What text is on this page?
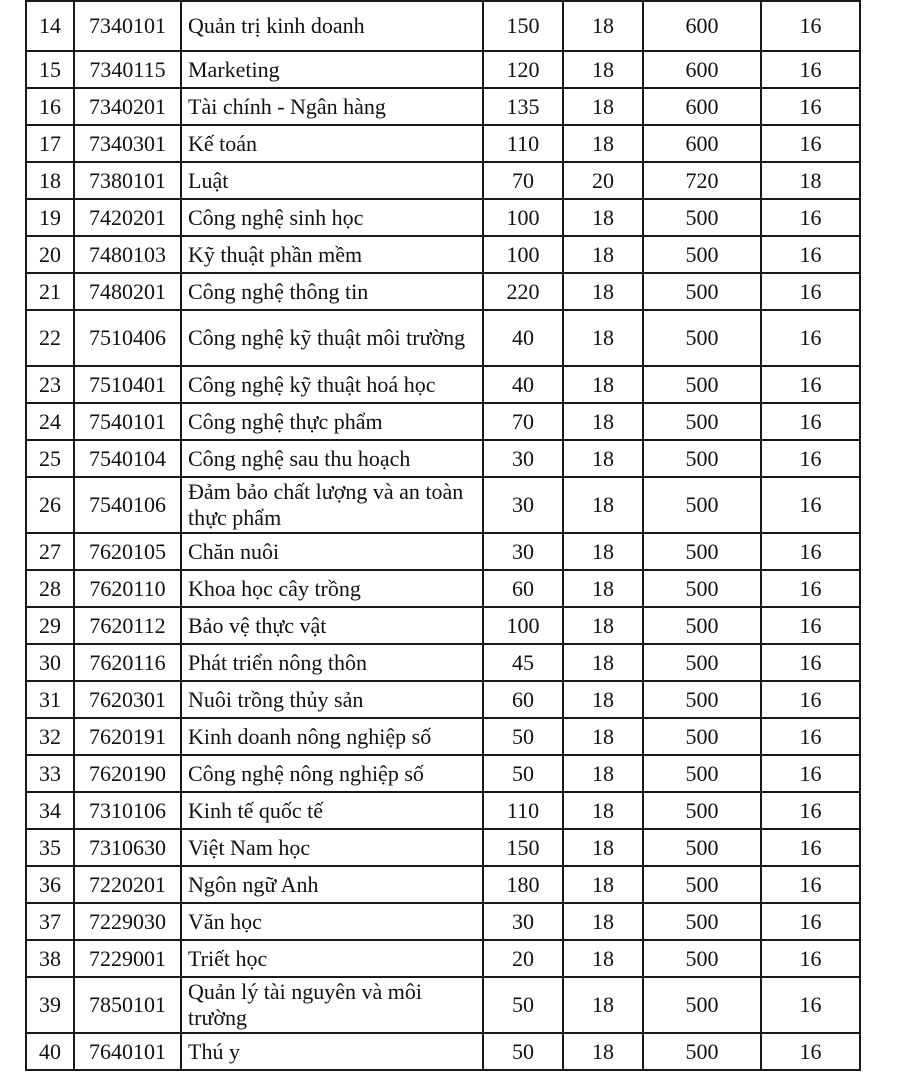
14	7340101	Quản trị kinh doanh	150	18	600	16
15	7340115	Marketing	120	18	600	16
16	7340201	Tài chính - Ngân hàng	135	18	600	16
17	7340301	Kế toán	110	18	600	16
18	7380101	Luật	70	20	720	18
19	7420201	Công nghệ sinh học	100	18	500	16
20	7480103	Kỹ thuật phần mềm	100	18	500	16
21	7480201	Công nghệ thông tin	220	18	500	16
22	7510406	Công nghệ kỹ thuật môi trường	40	18	500	16
23	7510401	Công nghệ kỹ thuật hoá học	40	18	500	16
24	7540101	Công nghệ thực phẩm	70	18	500	16
25	7540104	Công nghệ sau thu hoạch	30	18	500	16
26	7540106	Đảm bảo chất lượng và an toàn thực phẩm	30	18	500	16
27	7620105	Chăn nuôi	30	18	500	16
28	7620110	Khoa học cây trồng	60	18	500	16
29	7620112	Bảo vệ thực vật	100	18	500	16
30	7620116	Phát triển nông thôn	45	18	500	16
31	7620301	Nuôi trồng thủy sản	60	18	500	16
32	7620191	Kinh doanh nông nghiệp số	50	18	500	16
33	7620190	Công nghệ nông nghiệp số	50	18	500	16
34	7310106	Kinh tế quốc tế	110	18	500	16
35	7310630	Việt Nam học	150	18	500	16
36	7220201	Ngôn ngữ Anh	180	18	500	16
37	7229030	Văn học	30	18	500	16
38	7229001	Triết học	20	18	500	16
39	7850101	Quản lý tài nguyên và môi trường	50	18	500	16
40	7640101	Thú y	50	18	500	16
